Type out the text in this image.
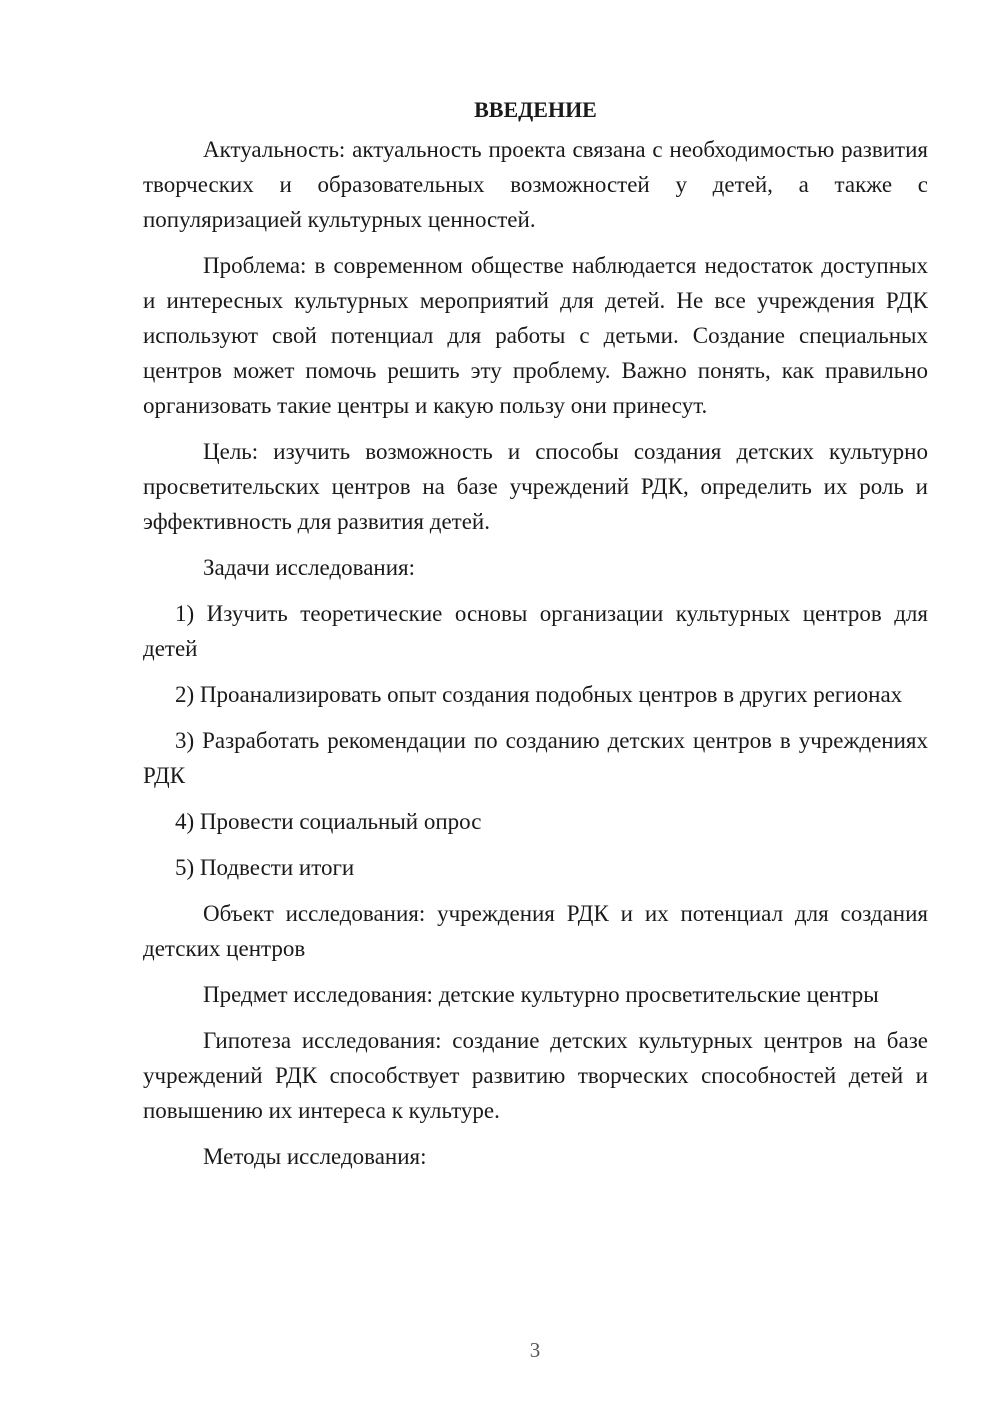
ВВЕДЕНИЕ

Актуальность: актуальность проекта связана с необходимостью развития творческих и образовательных возможностей у детей, а также с популяризацией культурных ценностей.

Проблема: в современном обществе наблюдается недостаток доступных и интересных культурных мероприятий для детей. Не все учреждения РДК используют свой потенциал для работы с детьми. Создание специальных центров может помочь решить эту проблему. Важно понять, как правильно организовать такие центры и какую пользу они принесут.

Цель: изучить возможность и способы создания детских культурно просветительских центров на базе учреждений РДК, определить их роль и эффективность для развития детей.

Задачи исследования:

1) Изучить теоретические основы организации культурных центров для детей

2) Проанализировать опыт создания подобных центров в других регионах

3) Разработать рекомендации по созданию детских центров в учреждениях РДК

4) Провести социальный опрос

5) Подвести итоги

Объект исследования: учреждения РДК и их потенциал для создания детских центров

Предмет исследования: детские культурно просветительские центры

Гипотеза исследования: создание детских культурных центров на базе учреждений РДК способствует развитию творческих способностей детей и повышению их интереса к культуре.

Методы исследования:

3
